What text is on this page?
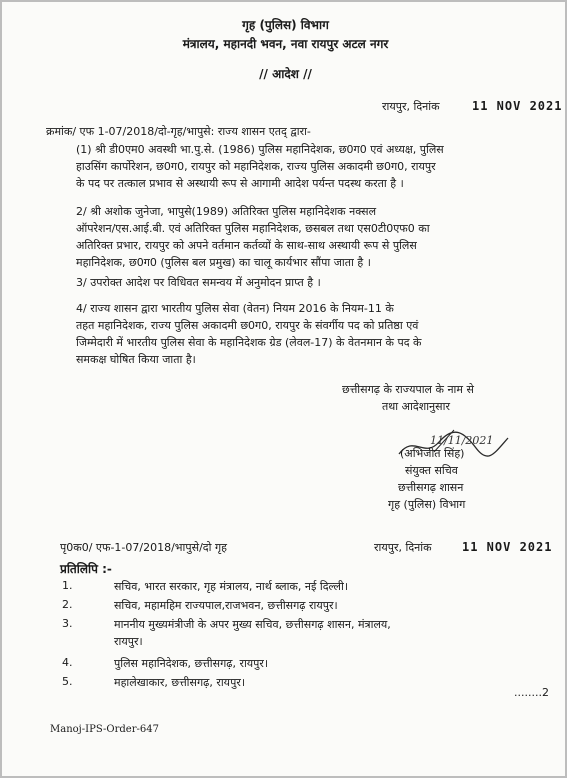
गृह (पुलिस) विभाग
मंत्रालय, महानदी भवन, नवा रायपुर अटल नगर
// आदेश //
रायपुर, दिनांक	11 NOV 2021
क्रमांक/ एफ 1-07/2018/दो-गृह/भापुसे: राज्य शासन एतद् द्वारा-
(1) श्री डी0एम0 अवस्थी भा.पु.से. (1986) पुलिस महानिदेशक, छ0ग0 एवं अध्यक्ष, पुलिस
हाउसिंग कार्पोरेशन, छ0ग0, रायपुर को महानिदेशक, राज्य पुलिस अकादमी छ0ग0, रायपुर
के पद पर तत्काल प्रभाव से अस्थायी रूप से आगामी आदेश पर्यन्त पदस्थ करता है ।
2/ श्री अशोक जुनेजा, भापुसे(1989) अतिरिक्त पुलिस महानिदेशक नक्सल
ऑपरेशन/एस.आई.बी. एवं अतिरिक्त पुलिस महानिदेशक, छसबल तथा एस0टी0एफ0 का
अतिरिक्त प्रभार, रायपुर को अपने वर्तमान कर्तव्यों के साथ-साथ अस्थायी रूप से पुलिस
महानिदेशक, छ0ग0 (पुलिस बल प्रमुख) का चालू कार्यभार सौंपा जाता है ।
3/ उपरोक्त आदेश पर विधिवत समन्वय में अनुमोदन प्राप्त है ।
4/ राज्य शासन द्वारा भारतीय पुलिस सेवा (वेतन) नियम 2016 के नियम-11 के
तहत महानिदेशक, राज्य पुलिस अकादमी छ0ग0, रायपुर के संवर्गीय पद को प्रतिष्ठा एवं
जिम्मेदारी में भारतीय पुलिस सेवा के महानिदेशक ग्रेड (लेवल-17) के वेतनमान के पद के
समकक्ष घोषित किया जाता है।
छत्तीसगढ़ के राज्यपाल के नाम से
तथा आदेशानुसार
11/11/2021
(अभिजीत सिंह)
संयुक्त सचिव
छत्तीसगढ़ शासन
गृह (पुलिस) विभाग
पृ0क0/ एफ-1-07/2018/भापुसे/दो गृह	रायपुर, दिनांक	11 NOV 2021
प्रतिलिपि :-
1.	सचिव, भारत सरकार, गृह मंत्रालय, नार्थ ब्लाक, नई दिल्ली।
2.	सचिव, महामहिम राज्यपाल,राजभवन, छत्तीसगढ़ रायपुर।
3.	माननीय मुख्यमंत्रीजी के अपर मुख्य सचिव, छत्तीसगढ़ शासन, मंत्रालय,
रायपुर।
4.	पुलिस महानिदेशक, छत्तीसगढ़, रायपुर।
5.	महालेखाकार, छत्तीसगढ़, रायपुर।
........2
Manoj-IPS-Order-647
